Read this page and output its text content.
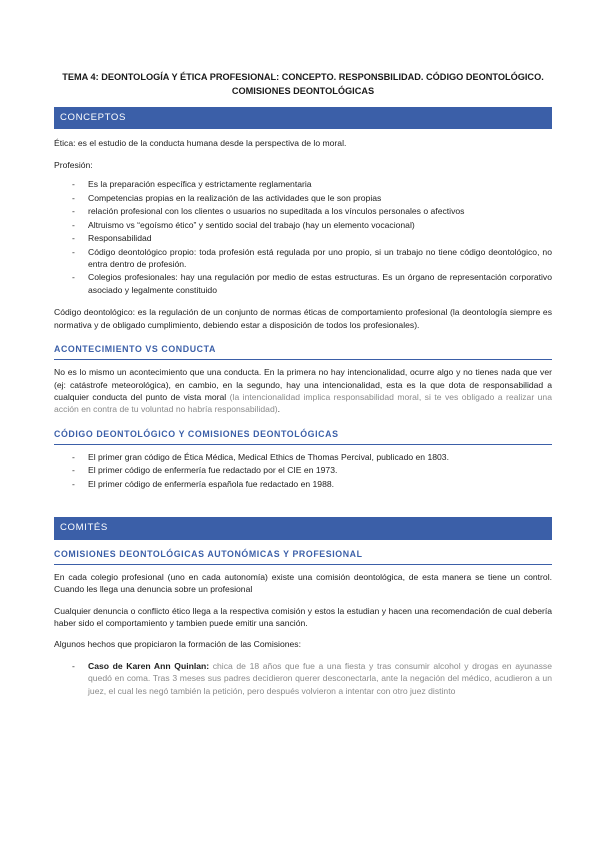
TEMA 4: DEONTOLOGÍA Y ÉTICA PROFESIONAL: CONCEPTO. RESPONSBILIDAD. CÓDIGO DEONTOLÓGICO.
COMISIONES DEONTOLÓGICAS
CONCEPTOS
Ética: es el estudio de la conducta humana desde la perspectiva de lo moral.
Profesión:
- Es la preparación específica y estrictamente reglamentaria
- Competencias propias en la realización de las actividades que le son propias
- relación profesional con los clientes o usuarios no supeditada a los vínculos personales o afectivos
- Altruismo vs “egoísmo ético” y sentido social del trabajo (hay un elemento vocacional)
- Responsabilidad
- Código deontológico propio: toda profesión está regulada por uno propio, si un trabajo no tiene código deontológico, no entra dentro de profesión.
- Colegios profesionales: hay una regulación por medio de estas estructuras. Es un órgano de representación corporativo asociado y legalmente constituido
Código deontológico: es la regulación de un conjunto de normas éticas de comportamiento profesional (la deontología siempre es normativa y de obligado cumplimiento, debiendo estar a disposición de todos los profesionales).
ACONTECIMIENTO VS CONDUCTA
No es lo mismo un acontecimiento que una conducta. En la primera no hay intencionalidad, ocurre algo y no tienes nada que ver (ej: catástrofe meteorológica), en cambio, en la segundo, hay una intencionalidad, esta es la que dota de responsabilidad a cualquier conducta del punto de vista moral (la intencionalidad implica responsabilidad moral, si te ves obligado a realizar una acción en contra de tu voluntad no habría responsabilidad).
CÓDIGO DEONTOLÓGICO Y COMISIONES DEONTOLÓGICAS
- El primer gran código de Ética Médica, Medical Ethics de Thomas Percival, publicado en 1803.
- El primer código de enfermería fue redactado por el CIE en 1973.
- El primer código de enfermería española fue redactado en 1988.
COMITÉS
COMISIONES DEONTOLÓGICAS AUTONÓMICAS Y PROFESIONAL
En cada colegio profesional (uno en cada autonomía) existe una comisión deontológica, de esta manera se tiene un control. Cuando les llega una denuncia sobre un profesional
Cualquier denuncia o conflicto ético llega a la respectiva comisión y estos la estudian y hacen una recomendación de cual debería haber sido el comportamiento y tambien puede emitir una sanción.
Algunos hechos que propiciaron la formación de las Comisiones:
- Caso de Karen Ann Quinlan: chica de 18 años que fue a una fiesta y tras consumir alcohol y drogas en ayunasse quedó en coma. Tras 3 meses sus padres decidieron querer desconectarla, ante la negación del médico, acudieron a un juez, el cual les negó también la petición, pero después volvieron a intentar con otro juez distinto
